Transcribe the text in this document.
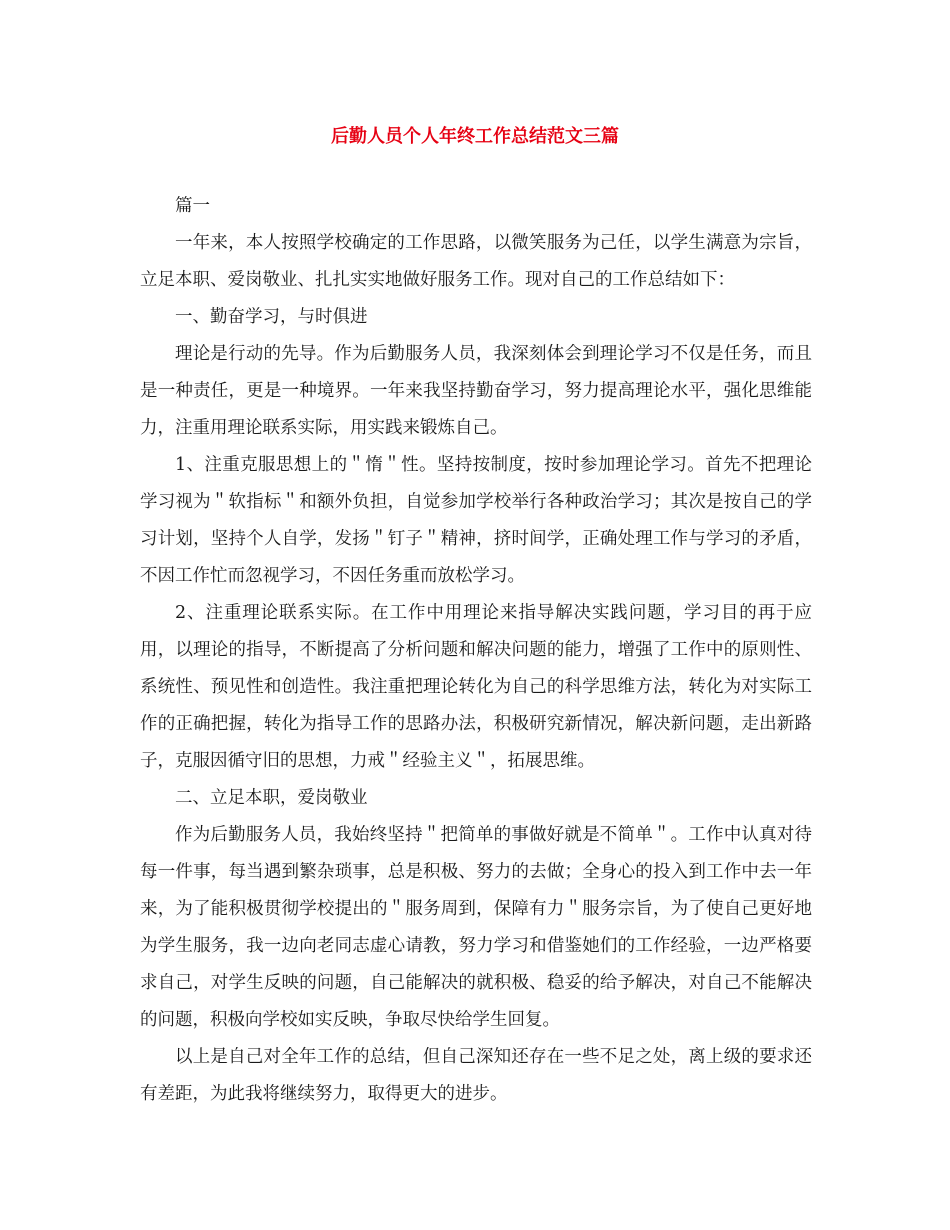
后勤人员个人年终工作总结范文三篇

篇一

一年来，本人按照学校确定的工作思路，以微笑服务为己任，以学生满意为宗旨，立足本职、爱岗敬业、扎扎实实地做好服务工作。现对自己的工作总结如下：

一、勤奋学习，与时俱进

理论是行动的先导。作为后勤服务人员，我深刻体会到理论学习不仅是任务，而且是一种责任，更是一种境界。一年来我坚持勤奋学习，努力提高理论水平，强化思维能力，注重用理论联系实际，用实践来锻炼自己。

1、注重克服思想上的＂惰＂性。坚持按制度，按时参加理论学习。首先不把理论学习视为＂软指标＂和额外负担，自觉参加学校举行各种政治学习；其次是按自己的学习计划，坚持个人自学，发扬＂钉子＂精神，挤时间学，正确处理工作与学习的矛盾，不因工作忙而忽视学习，不因任务重而放松学习。

2、注重理论联系实际。在工作中用理论来指导解决实践问题，学习目的再于应用，以理论的指导，不断提高了分析问题和解决问题的能力，增强了工作中的原则性、系统性、预见性和创造性。我注重把理论转化为自己的科学思维方法，转化为对实际工作的正确把握，转化为指导工作的思路办法，积极研究新情况，解决新问题，走出新路子，克服因循守旧的思想，力戒＂经验主义＂，拓展思维。

二、立足本职，爱岗敬业

作为后勤服务人员，我始终坚持＂把简单的事做好就是不简单＂。工作中认真对待每一件事，每当遇到繁杂琐事，总是积极、努力的去做；全身心的投入到工作中去一年来，为了能积极贯彻学校提出的＂服务周到，保障有力＂服务宗旨，为了使自己更好地为学生服务，我一边向老同志虚心请教，努力学习和借鉴她们的工作经验，一边严格要求自己，对学生反映的问题，自己能解决的就积极、稳妥的给予解决，对自己不能解决的问题，积极向学校如实反映，争取尽快给学生回复。

以上是自己对全年工作的总结，但自己深知还存在一些不足之处，离上级的要求还有差距，为此我将继续努力，取得更大的进步。
